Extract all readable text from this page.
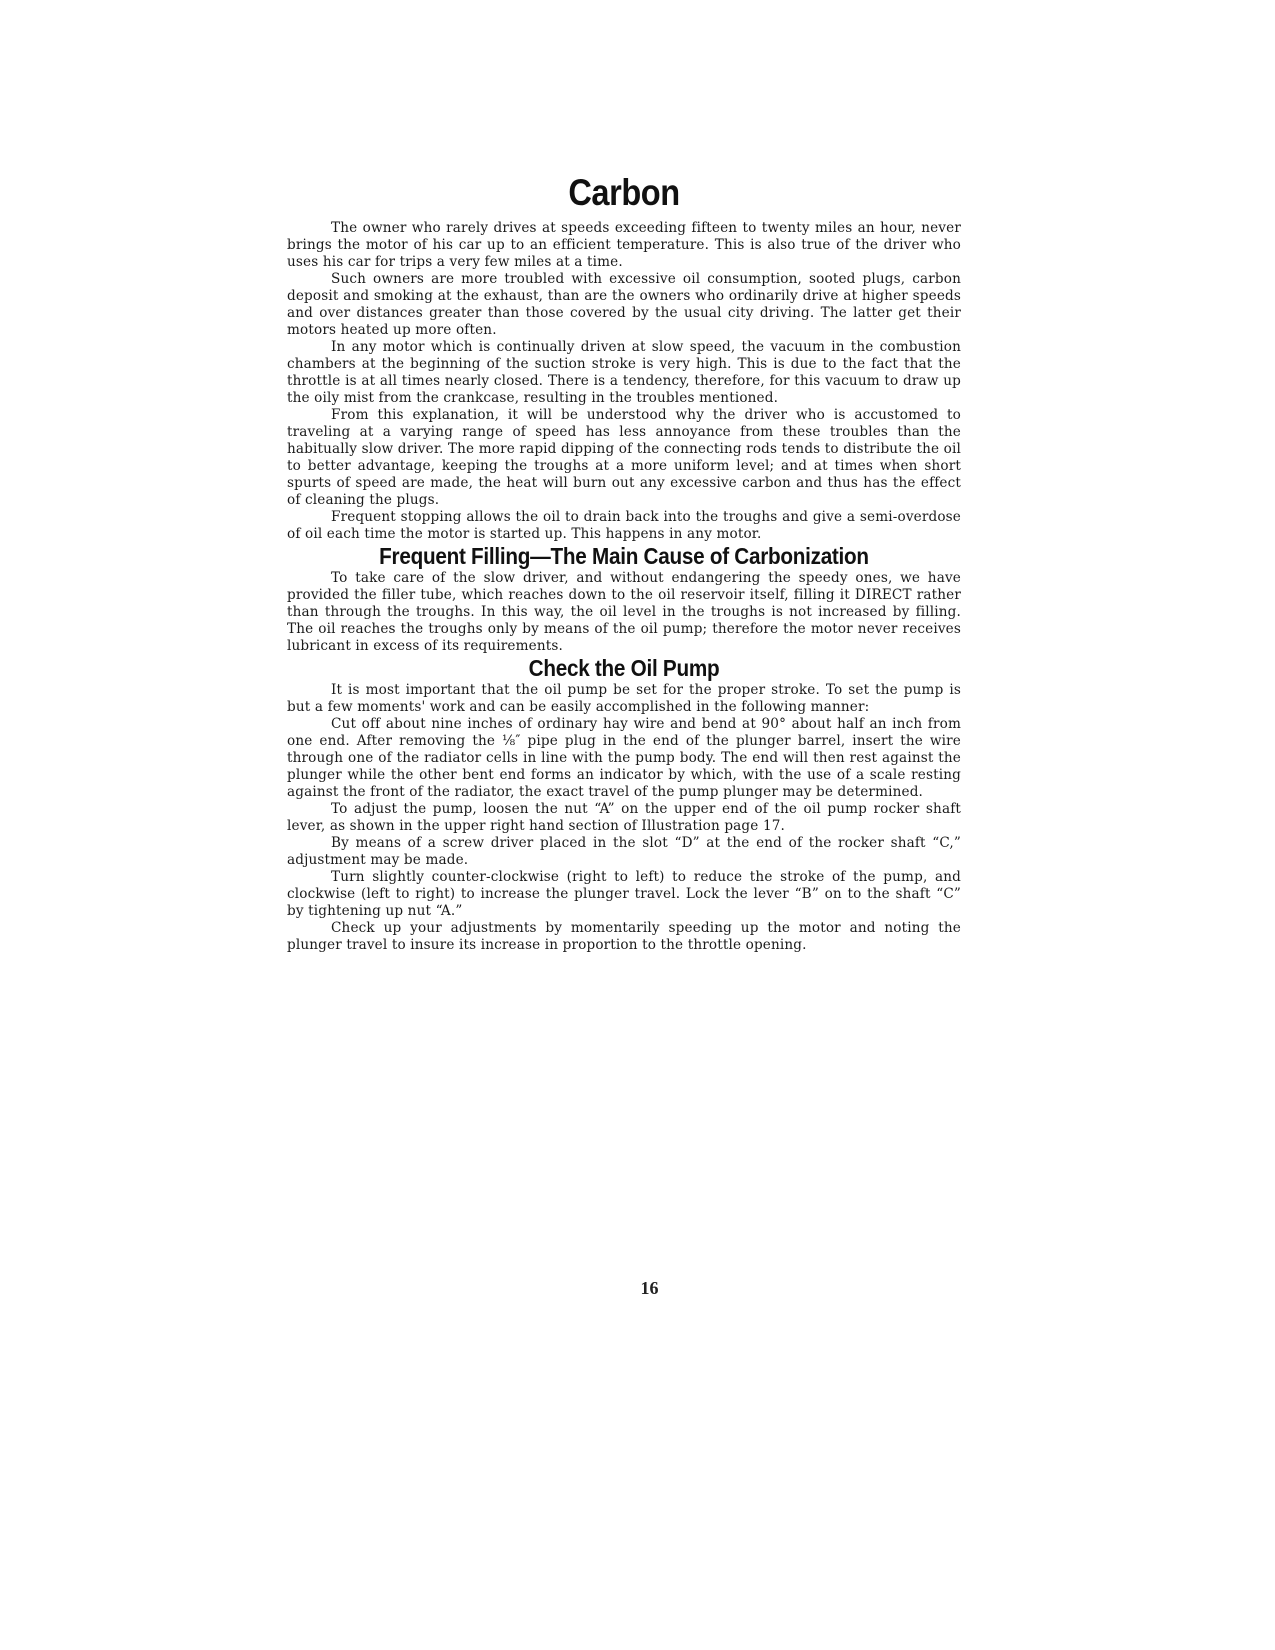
Carbon

The owner who rarely drives at speeds exceeding fifteen to twenty miles an hour, never brings the motor of his car up to an efficient temperature. This is also true of the driver who uses his car for trips a very few miles at a time.

Such owners are more troubled with excessive oil consumption, sooted plugs, carbon deposit and smoking at the exhaust, than are the owners who ordinarily drive at higher speeds and over distances greater than those covered by the usual city driving. The latter get their motors heated up more often.

In any motor which is continually driven at slow speed, the vacuum in the combustion chambers at the beginning of the suction stroke is very high. This is due to the fact that the throttle is at all times nearly closed. There is a tendency, therefore, for this vacuum to draw up the oily mist from the crankcase, resulting in the troubles mentioned.

From this explanation, it will be understood why the driver who is accustomed to traveling at a varying range of speed has less annoyance from these troubles than the habitually slow driver. The more rapid dipping of the connecting rods tends to distribute the oil to better advantage, keeping the troughs at a more uniform level; and at times when short spurts of speed are made, the heat will burn out any excessive carbon and thus has the effect of cleaning the plugs.

Frequent stopping allows the oil to drain back into the troughs and give a semi-overdose of oil each time the motor is started up. This happens in any motor.

Frequent Filling—The Main Cause of Carbonization

To take care of the slow driver, and without endangering the speedy ones, we have provided the filler tube, which reaches down to the oil reservoir itself, filling it DIRECT rather than through the troughs. In this way, the oil level in the troughs is not increased by filling. The oil reaches the troughs only by means of the oil pump; therefore the motor never receives lubricant in excess of its requirements.

Check the Oil Pump

It is most important that the oil pump be set for the proper stroke. To set the pump is but a few moments' work and can be easily accomplished in the following manner:

Cut off about nine inches of ordinary hay wire and bend at 90° about half an inch from one end. After removing the ⅛″ pipe plug in the end of the plunger barrel, insert the wire through one of the radiator cells in line with the pump body. The end will then rest against the plunger while the other bent end forms an indicator by which, with the use of a scale resting against the front of the radiator, the exact travel of the pump plunger may be determined.

To adjust the pump, loosen the nut “A” on the upper end of the oil pump rocker shaft lever, as shown in the upper right hand section of Illustration page 17.

By means of a screw driver placed in the slot “D” at the end of the rocker shaft “C,” adjustment may be made.

Turn slightly counter-clockwise (right to left) to reduce the stroke of the pump, and clockwise (left to right) to increase the plunger travel. Lock the lever “B” on to the shaft “C” by tightening up nut “A.”

Check up your adjustments by momentarily speeding up the motor and noting the plunger travel to insure its increase in proportion to the throttle opening.

16
